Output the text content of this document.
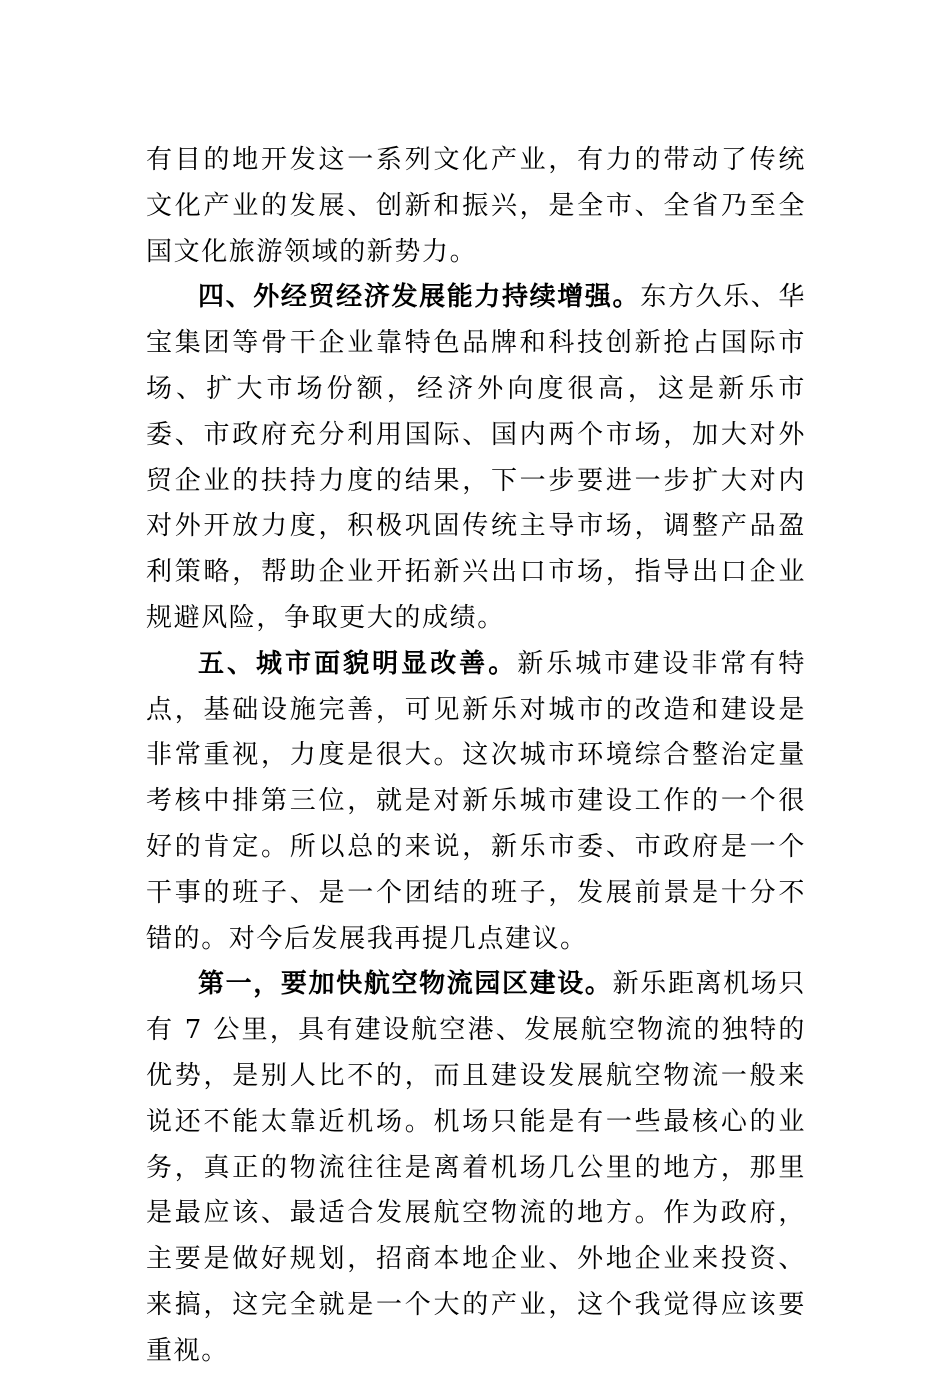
有目的地开发这一系列文化产业，有力的带动了传统文化产业的发展、创新和振兴，是全市、全省乃至全国文化旅游领域的新势力。

四、外经贸经济发展能力持续增强。东方久乐、华宝集团等骨干企业靠特色品牌和科技创新抢占国际市场、扩大市场份额，经济外向度很高，这是新乐市委、市政府充分利用国际、国内两个市场，加大对外贸企业的扶持力度的结果，下一步要进一步扩大对内对外开放力度，积极巩固传统主导市场，调整产品盈利策略，帮助企业开拓新兴出口市场，指导出口企业规避风险，争取更大的成绩。

五、城市面貌明显改善。新乐城市建设非常有特点，基础设施完善，可见新乐对城市的改造和建设是非常重视，力度是很大。这次城市环境综合整治定量考核中排第三位，就是对新乐城市建设工作的一个很好的肯定。所以总的来说，新乐市委、市政府是一个干事的班子、是一个团结的班子，发展前景是十分不错的。对今后发展我再提几点建议。

第一，要加快航空物流园区建设。新乐距离机场只有 7 公里，具有建设航空港、发展航空物流的独特的优势，是别人比不的，而且建设发展航空物流一般来说还不能太靠近机场。机场只能是有一些最核心的业务，真正的物流往往是离着机场几公里的地方，那里是最应该、最适合发展航空物流的地方。作为政府，主要是做好规划，招商本地企业、外地企业来投资、来搞，这完全就是一个大的产业，这个我觉得应该要重视。
